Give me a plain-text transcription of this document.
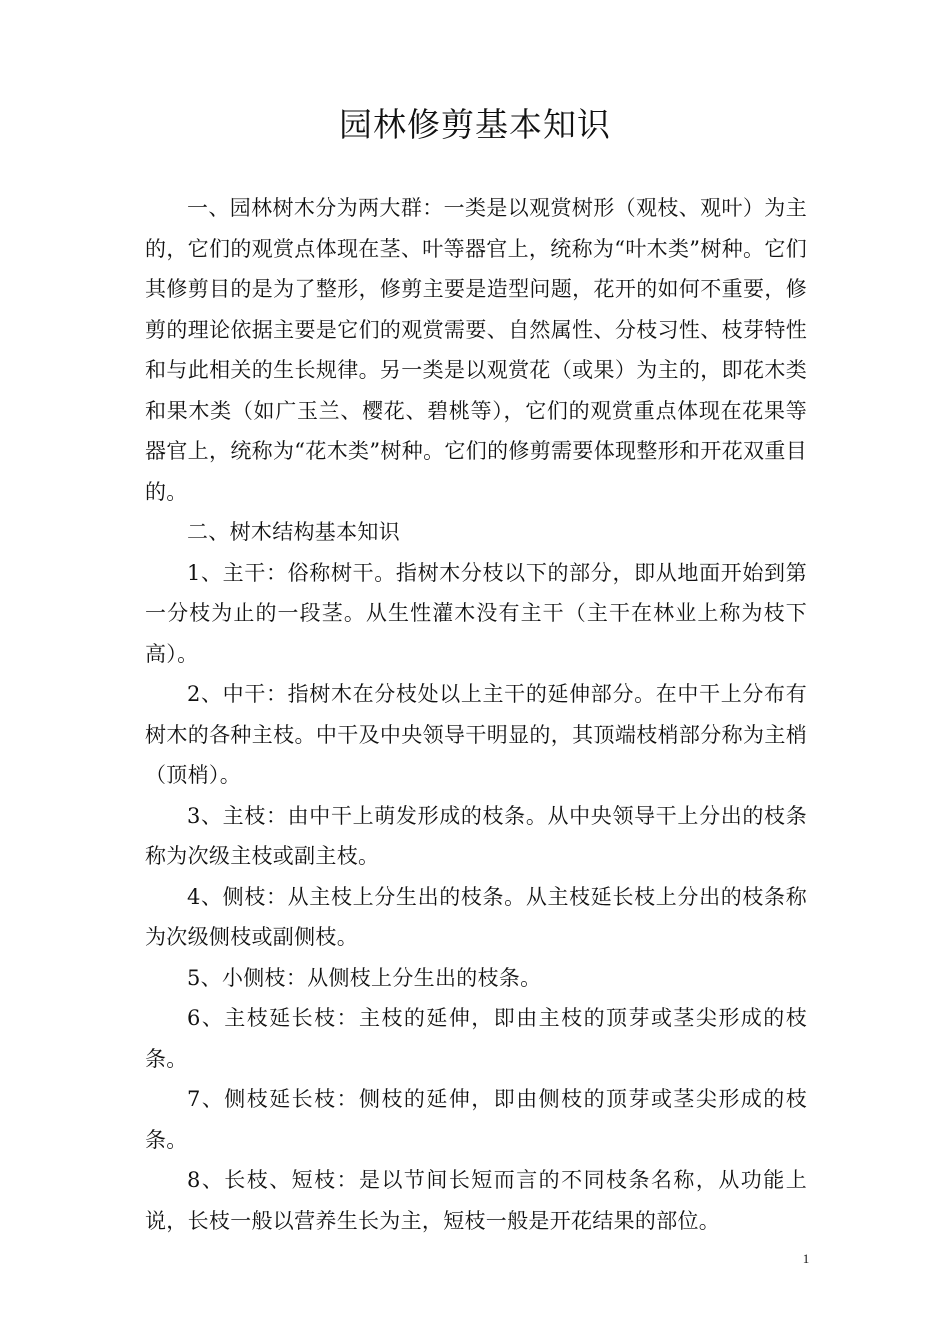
园林修剪基本知识

一、园林树木分为两大群：一类是以观赏树形（观枝、观叶）为主的，它们的观赏点体现在茎、叶等器官上，统称为“叶木类”树种。它们其修剪目的是为了整形，修剪主要是造型问题，花开的如何不重要，修剪的理论依据主要是它们的观赏需要、自然属性、分枝习性、枝芽特性和与此相关的生长规律。另一类是以观赏花（或果）为主的，即花木类和果木类（如广玉兰、樱花、碧桃等），它们的观赏重点体现在花果等器官上，统称为“花木类”树种。它们的修剪需要体现整形和开花双重目的。

二、树木结构基本知识

1、主干：俗称树干。指树木分枝以下的部分，即从地面开始到第一分枝为止的一段茎。从生性灌木没有主干（主干在林业上称为枝下高）。

2、中干：指树木在分枝处以上主干的延伸部分。在中干上分布有树木的各种主枝。中干及中央领导干明显的，其顶端枝梢部分称为主梢（顶梢）。

3、主枝：由中干上萌发形成的枝条。从中央领导干上分出的枝条称为次级主枝或副主枝。

4、侧枝：从主枝上分生出的枝条。从主枝延长枝上分出的枝条称为次级侧枝或副侧枝。

5、小侧枝：从侧枝上分生出的枝条。

6、主枝延长枝：主枝的延伸，即由主枝的顶芽或茎尖形成的枝条。

7、侧枝延长枝：侧枝的延伸，即由侧枝的顶芽或茎尖形成的枝条。

8、长枝、短枝：是以节间长短而言的不同枝条名称，从功能上说，长枝一般以营养生长为主，短枝一般是开花结果的部位。

1
